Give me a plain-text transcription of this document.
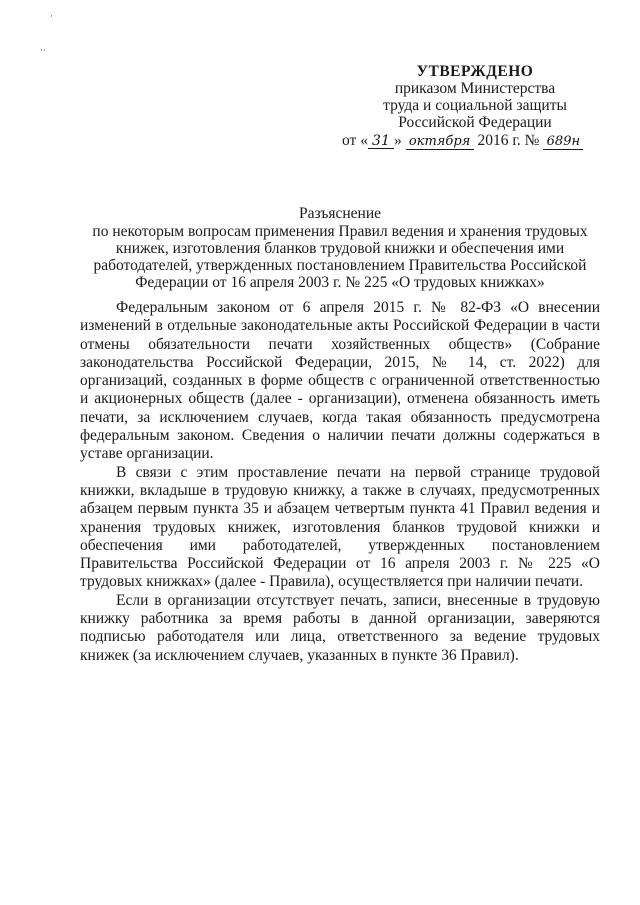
·
··
УТВЕРЖДЕНО
приказом Министерства
труда и социальной защиты
Российской Федерации
от « 31 » октября 2016 г. № 689н
Разъяснение
по некоторым вопросам применения Правил ведения и хранения трудовых книжек, изготовления бланков трудовой книжки и обеспечения ими работодателей, утвержденных постановлением Правительства Российской Федерации от 16 апреля 2003 г. № 225 «О трудовых книжках»

Федеральным законом от 6 апреля 2015 г. № 82-ФЗ «О внесении изменений в отдельные законодательные акты Российской Федерации в части отмены обязательности печати хозяйственных обществ» (Собрание законодательства Российской Федерации, 2015, № 14, ст. 2022) для организаций, созданных в форме обществ с ограниченной ответственностью и акционерных обществ (далее - организации), отменена обязанность иметь печати, за исключением случаев, когда такая обязанность предусмотрена федеральным законом. Сведения о наличии печати должны содержаться в уставе организации.

В связи с этим проставление печати на первой странице трудовой книжки, вкладыше в трудовую книжку, а также в случаях, предусмотренных абзацем первым пункта 35 и абзацем четвертым пункта 41 Правил ведения и хранения трудовых книжек, изготовления бланков трудовой книжки и обеспечения ими работодателей, утвержденных постановлением Правительства Российской Федерации от 16 апреля 2003 г. № 225 «О трудовых книжках» (далее - Правила), осуществляется при наличии печати.

Если в организации отсутствует печать, записи, внесенные в трудовую книжку работника за время работы в данной организации, заверяются подписью работодателя или лица, ответственного за ведение трудовых книжек (за исключением случаев, указанных в пункте 36 Правил).
